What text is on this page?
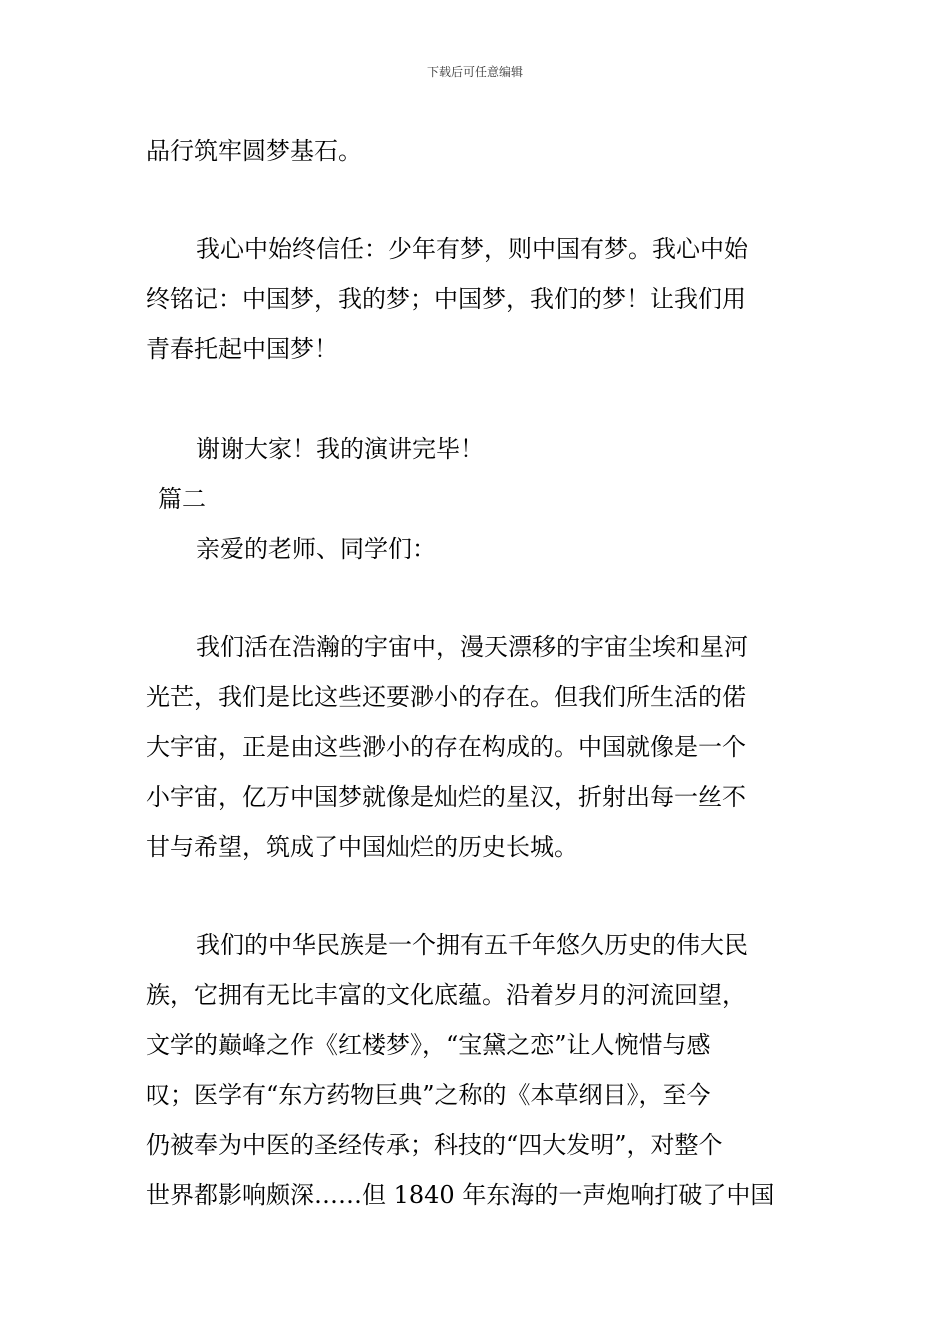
下载后可任意编辑
品行筑牢圆梦基石。
我心中始终信任：少年有梦，则中国有梦。我心中始
终铭记：中国梦，我的梦；中国梦，我们的梦！让我们用
青春托起中国梦！
谢谢大家！我的演讲完毕！
篇二
亲爱的老师、同学们：
我们活在浩瀚的宇宙中，漫天漂移的宇宙尘埃和星河
光芒，我们是比这些还要渺小的存在。但我们所生活的偌
大宇宙，正是由这些渺小的存在构成的。中国就像是一个
小宇宙，亿万中国梦就像是灿烂的星汉，折射出每一丝不
甘与希望，筑成了中国灿烂的历史长城。
我们的中华民族是一个拥有五千年悠久历史的伟大民
族，它拥有无比丰富的文化底蕴。沿着岁月的河流回望，
文学的巅峰之作《红楼梦》，“宝黛之恋”让人惋惜与感
叹；医学有“东方药物巨典”之称的《本草纲目》，至今
仍被奉为中医的圣经传承；科技的“四大发明”，对整个
世界都影响颇深……但 1840 年东海的一声炮响打破了中国
